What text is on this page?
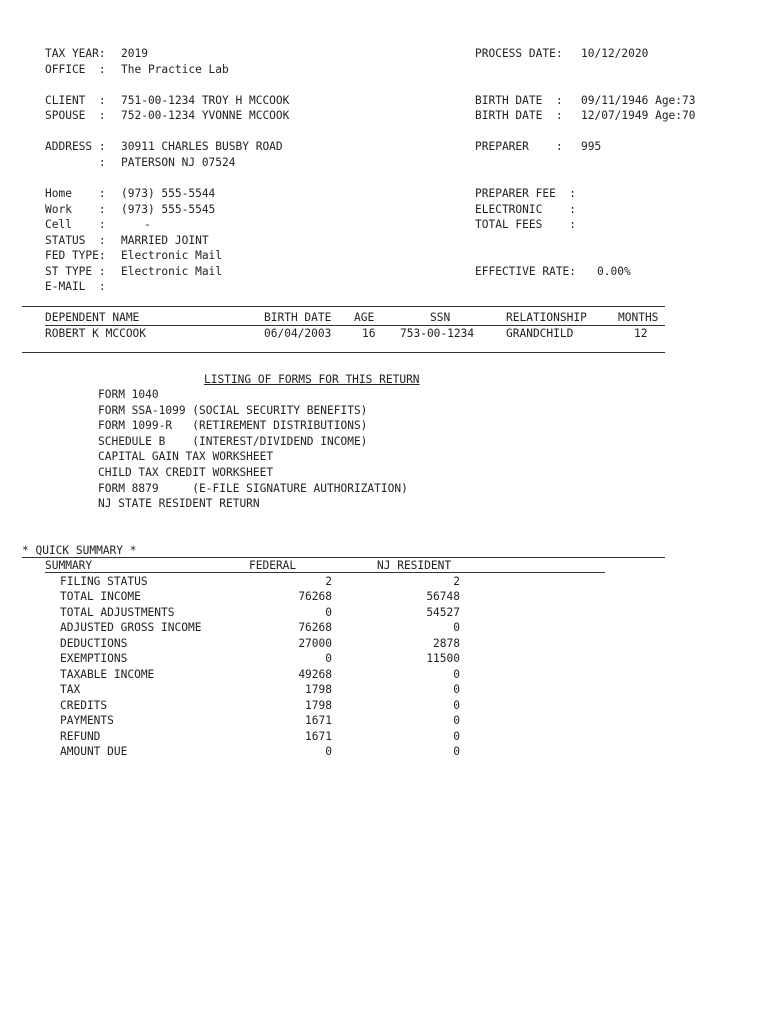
TAX YEAR: 2019
OFFICE  : The Practice Lab
PROCESS DATE: 10/12/2020
CLIENT  : 751-00-1234 TROY H MCCOOK
SPOUSE  : 752-00-1234 YVONNE MCCOOK
BIRTH DATE  : 09/11/1946 Age:73
BIRTH DATE  : 12/07/1949 Age:70
ADDRESS : 30911 CHARLES BUSBY ROAD
: PATERSON NJ 07524
PREPARER    : 995
Home    : (973) 555-5544
Work    : (973) 555-5545
Cell    :	-
STATUS  : MARRIED JOINT
FED TYPE: Electronic Mail
ST TYPE : Electronic Mail
E-MAIL  :
PREPARER FEE  :
ELECTRONIC    :
TOTAL FEES    :
EFFECTIVE RATE: 0.00%
DEPENDENT NAME	BIRTH DATE AGE	SSN	RELATIONSHIP	MONTHS
ROBERT K MCCOOK	06/04/2003	16 753-00-1234	GRANDCHILD	12
LISTING OF FORMS FOR THIS RETURN
FORM 1040
FORM SSA-1099 (SOCIAL SECURITY BENEFITS)
FORM 1099-R   (RETIREMENT DISTRIBUTIONS)
SCHEDULE B    (INTEREST/DIVIDEND INCOME)
CAPITAL GAIN TAX WORKSHEET
CHILD TAX CREDIT WORKSHEET
FORM 8879     (E-FILE SIGNATURE AUTHORIZATION)
NJ STATE RESIDENT RETURN
* QUICK SUMMARY *
SUMMARY	FEDERAL	NJ RESIDENT
FILING STATUS	2	2
TOTAL INCOME	76268	56748
TOTAL ADJUSTMENTS	0	54527
ADJUSTED GROSS INCOME	76268	0
DEDUCTIONS	27000	2878
EXEMPTIONS	0	11500
TAXABLE INCOME	49268	0
TAX	1798	0
CREDITS	1798	0
PAYMENTS	1671	0
REFUND	1671	0
AMOUNT DUE	0	0
